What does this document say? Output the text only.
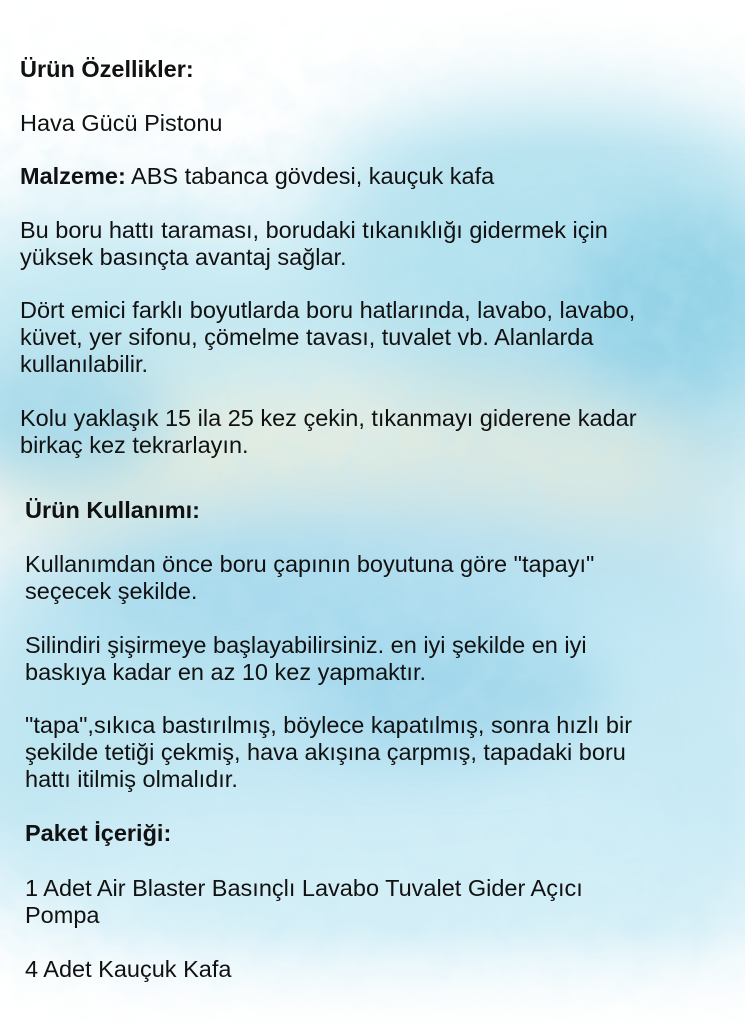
Ürün Özellikler:

Hava Gücü Pistonu

Malzeme: ABS tabanca gövdesi, kauçuk kafa

Bu boru hattı taraması, borudaki tıkanıklığı gidermek için
yüksek basınçta avantaj sağlar.

Dört emici farklı boyutlarda boru hatlarında, lavabo, lavabo,
küvet, yer sifonu, çömelme tavası, tuvalet vb. Alanlarda
kullanılabilir.

Kolu yaklaşık 15 ila 25 kez çekin, tıkanmayı giderene kadar
birkaç kez tekrarlayın.

Ürün Kullanımı:

Kullanımdan önce boru çapının boyutuna göre "tapayı"
seçecek şekilde.

Silindiri şişirmeye başlayabilirsiniz. en iyi şekilde en iyi
baskıya kadar en az 10 kez yapmaktır.

"tapa",sıkıca bastırılmış, böylece kapatılmış, sonra hızlı bir
şekilde tetiği çekmiş, hava akışına çarpmış, tapadaki boru
hattı itilmiş olmalıdır.

Paket İçeriği:

1 Adet Air Blaster Basınçlı Lavabo Tuvalet Gider Açıcı
Pompa

4 Adet Kauçuk Kafa
